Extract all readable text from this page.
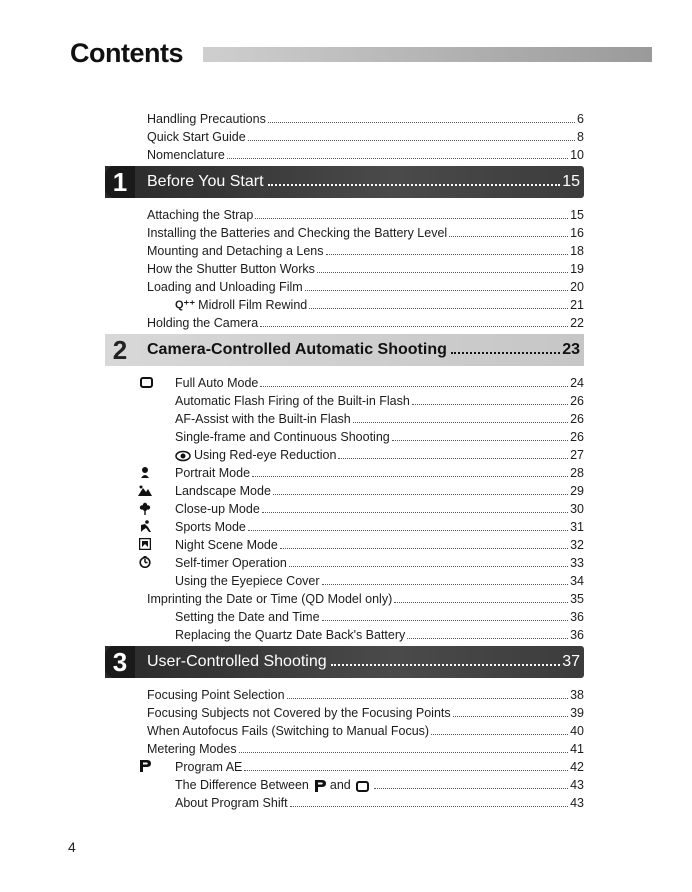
Contents
Handling Precautions	6
Quick Start Guide	8
Nomenclature	10
1	Before You Start	15
Attaching the Strap	15
Installing the Batteries and Checking the Battery Level	16
Mounting and Detaching a Lens	18
How the Shutter Button Works	19
Loading and Unloading Film	20
Q⁺⁺ Midroll Film Rewind	21
Holding the Camera	22
2	Camera-Controlled Automatic Shooting	23
Full Auto Mode	24
Automatic Flash Firing of the Built-in Flash	26
AF-Assist with the Built-in Flash	26
Single-frame and Continuous Shooting	26
Using Red-eye Reduction	27
Portrait Mode	28
Landscape Mode	29
Close-up Mode	30
Sports Mode	31
Night Scene Mode	32
Self-timer Operation	33
Using the Eyepiece Cover	34
Imprinting the Date or Time (QD Model only)	35
Setting the Date and Time	36
Replacing the Quartz Date Back's Battery	36
3	User-Controlled Shooting	37
Focusing Point Selection	38
Focusing Subjects not Covered by the Focusing Points	39
When Autofocus Fails (Switching to Manual Focus)	40
Metering Modes	41
Program AE	42
The Difference Between and	43
About Program Shift	43
4
